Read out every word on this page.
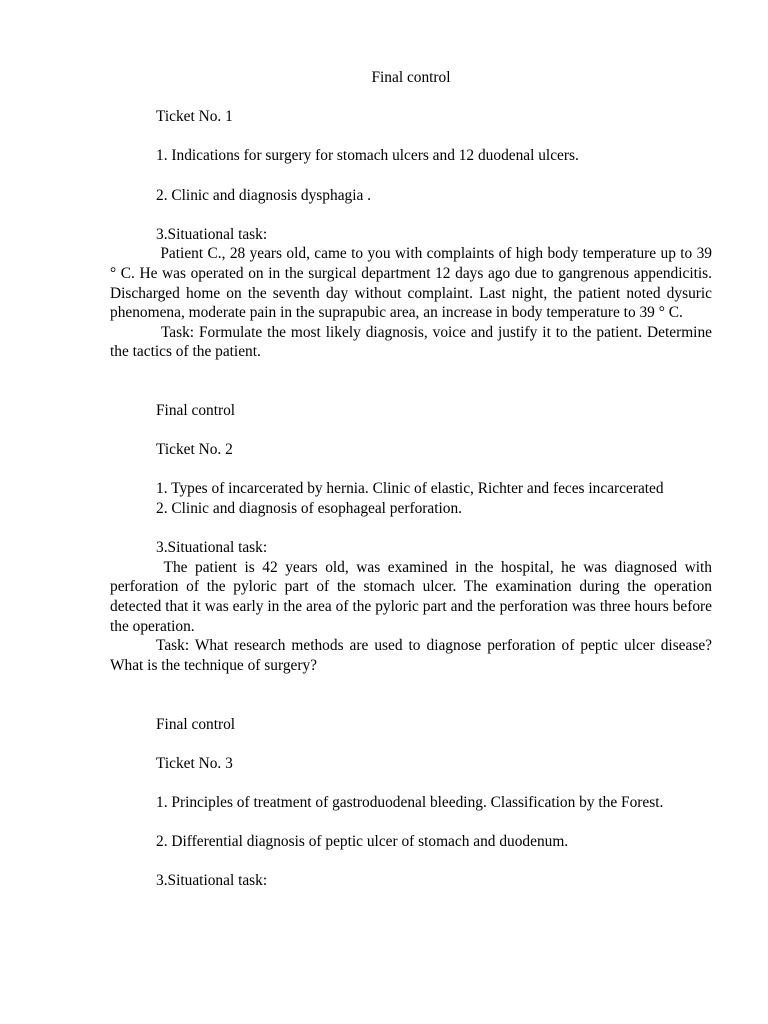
Final control

Ticket No. 1

1. Indications for surgery for stomach ulcers and 12 duodenal ulcers.

2. Clinic and diagnosis dysphagia .

3.Situational task:

Patient C., 28 years old, came to you with complaints of high body temperature up to 39 ° C. He was operated on in the surgical department 12 days ago due to gangrenous appendicitis. Discharged home on the seventh day without complaint. Last night, the patient noted dysuric phenomena, moderate pain in the suprapubic area, an increase in body temperature to 39 ° C.

Task: Formulate the most likely diagnosis, voice and justify it to the patient. Determine the tactics of the patient.

Final control

Ticket No. 2

1. Types of incarcerated by hernia. Clinic of elastic, Richter and feces incarcerated

2. Clinic and diagnosis of esophageal perforation.

3.Situational task:

The patient is 42 years old, was examined in the hospital, he was diagnosed with perforation of the pyloric part of the stomach ulcer. The examination during the operation detected that it was early in the area of the pyloric part and the perforation was three hours before the operation.

Task: What research methods are used to diagnose perforation of peptic ulcer disease? What is the technique of surgery?

Final control

Ticket No. 3

1. Principles of treatment of gastroduodenal bleeding. Classification by the Forest.

2. Differential diagnosis of peptic ulcer of stomach and duodenum.

3.Situational task:
